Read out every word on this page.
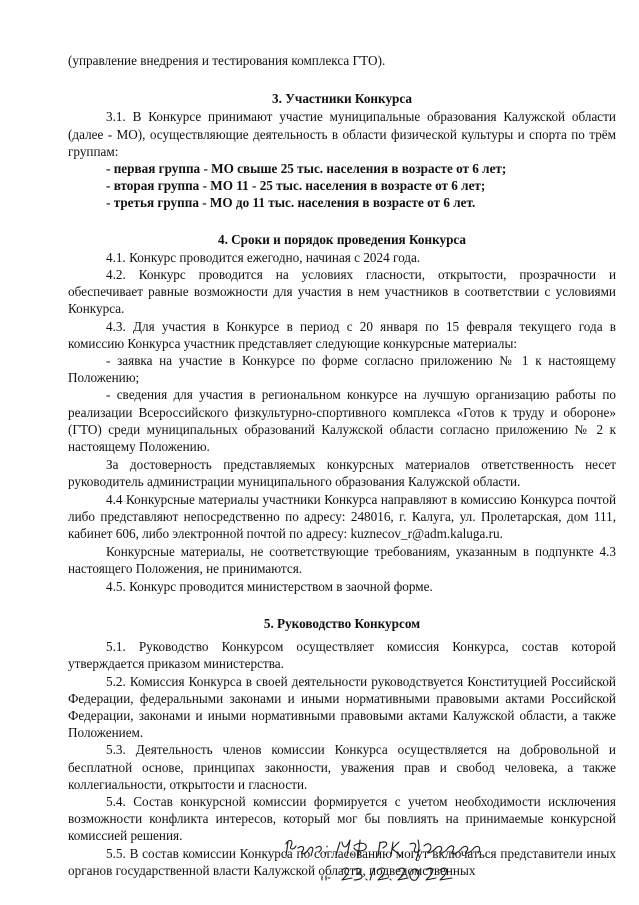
(управление внедрения и тестирования комплекса ГТО).

3. Участники Конкурса

3.1. В Конкурсе принимают участие муниципальные образования Калужской области (далее - МО), осуществляющие деятельность в области физической культуры и спорта по трём группам:

- первая группа - МО свыше 25 тыс. населения в возрасте от 6 лет;

- вторая группа - МО 11 - 25 тыс. населения в возрасте от 6 лет;

- третья группа - МО до 11 тыс. населения в возрасте от 6 лет.

4. Сроки и порядок проведения Конкурса

4.1. Конкурс проводится ежегодно, начиная с 2024 года.

4.2. Конкурс проводится на условиях гласности, открытости, прозрачности и обеспечивает равные возможности для участия в нем участников в соответствии с условиями Конкурса.

4.3. Для участия в Конкурсе в период с 20 января по 15 февраля текущего года в комиссию Конкурса участник представляет следующие конкурсные материалы:

- заявка на участие в Конкурсе по форме согласно приложению № 1 к настоящему Положению;

- сведения для участия в региональном конкурсе на лучшую организацию работы по реализации Всероссийского физкультурно-спортивного комплекса «Готов к труду и обороне» (ГТО) среди муниципальных образований Калужской области согласно приложению № 2 к настоящему Положению.

За достоверность представляемых конкурсных материалов ответственность несет руководитель администрации муниципального образования Калужской области.

4.4 Конкурсные материалы участники Конкурса направляют в комиссию Конкурса почтой либо представляют непосредственно по адресу: 248016, г. Калуга, ул. Пролетарская, дом 111, кабинет 606, либо электронной почтой по адресу: kuznecov_r@adm.kaluga.ru.

Конкурсные материалы, не соответствующие требованиям, указанным в подпункте 4.3 настоящего Положения, не принимаются.

4.5. Конкурс проводится министерством в заочной форме.

5. Руководство Конкурсом

5.1. Руководство Конкурсом осуществляет комиссия Конкурса, состав которой утверждается приказом министерства.

5.2. Комиссия Конкурса в своей деятельности руководствуется Конституцией Российской Федерации, федеральными законами и иными нормативными правовыми актами Российской Федерации, законами и иными нормативными правовыми актами Калужской области, а также Положением.

5.3. Деятельность членов комиссии Конкурса осуществляется на добровольной и бесплатной основе, принципах законности, уважения прав и свобод человека, а также коллегиальности, открытости и гласности.

5.4. Состав конкурсной комиссии формируется с учетом необходимости исключения возможности конфликта интересов, который мог бы повлиять на принимаемые конкурсной комиссией решения.

5.5. В состав комиссии Конкурса по согласованию могут включаться представители иных органов государственной власти Калужской области, подведомственных
